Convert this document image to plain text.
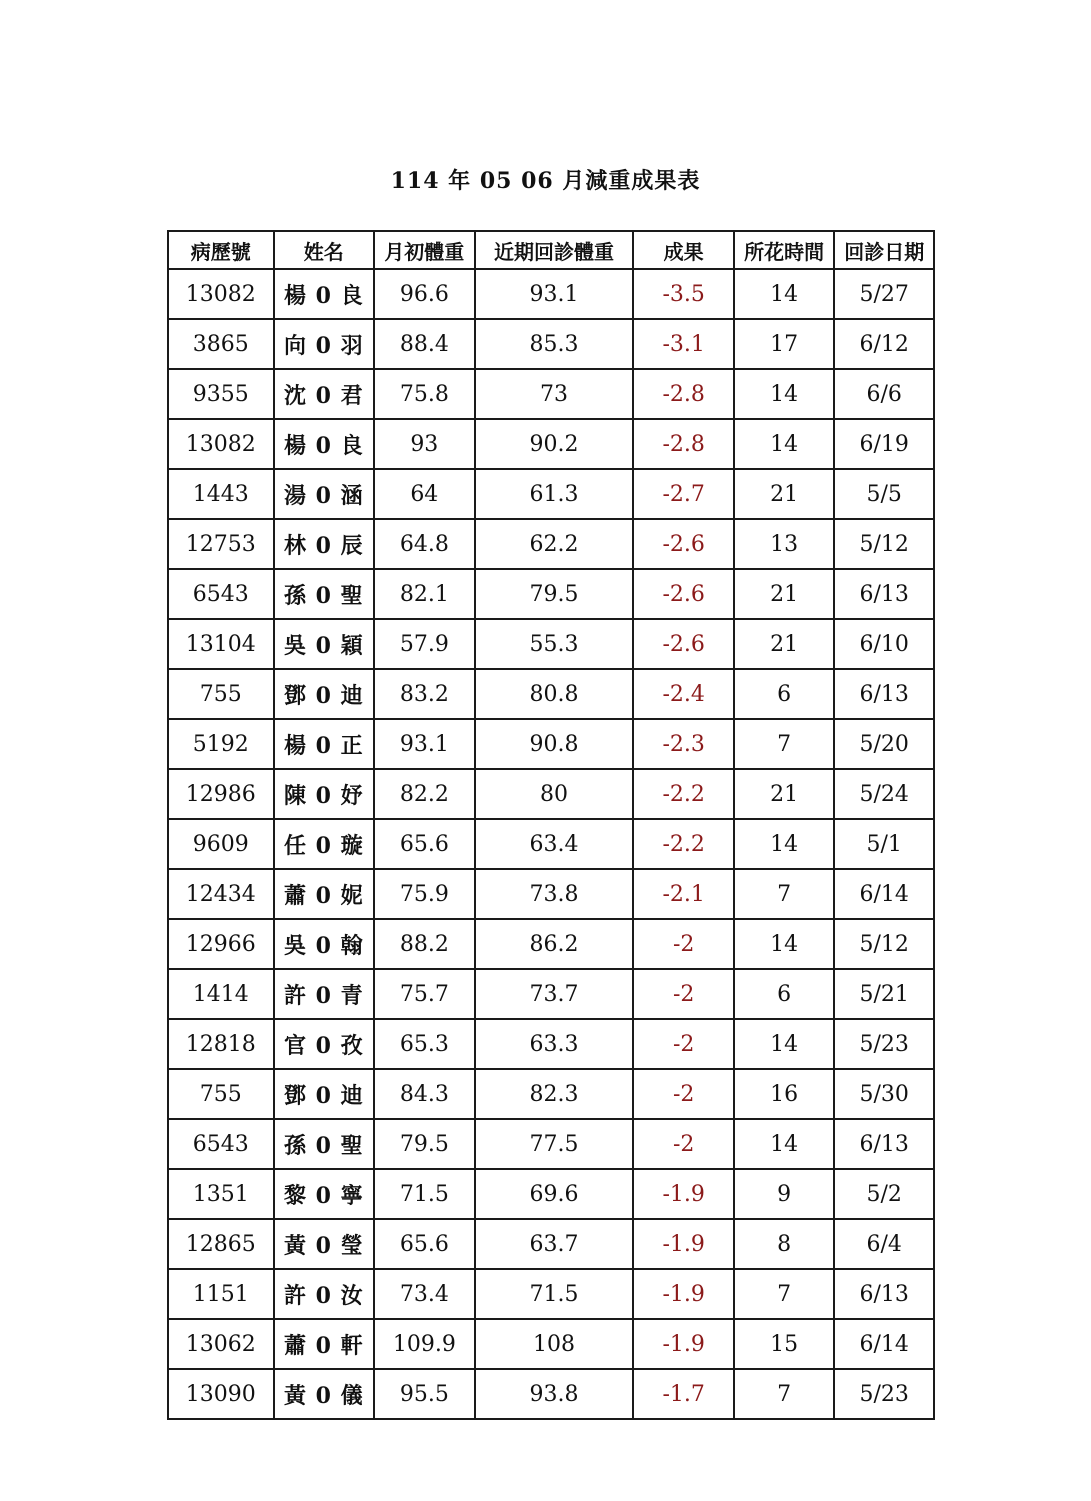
114 年 05 06 月減重成果表
病歷號	姓名	月初體重	近期回診體重	成果	所花時間	回診日期
13082	楊 0 良	96.6	93.1	-3.5	14	5/27
3865	向 0 羽	88.4	85.3	-3.1	17	6/12
9355	沈 0 君	75.8	73	-2.8	14	6/6
13082	楊 0 良	93	90.2	-2.8	14	6/19
1443	湯 0 涵	64	61.3	-2.7	21	5/5
12753	林 0 辰	64.8	62.2	-2.6	13	5/12
6543	孫 0 聖	82.1	79.5	-2.6	21	6/13
13104	吳 0 穎	57.9	55.3	-2.6	21	6/10
755	鄧 0 迪	83.2	80.8	-2.4	6	6/13
5192	楊 0 正	93.1	90.8	-2.3	7	5/20
12986	陳 0 妤	82.2	80	-2.2	21	5/24
9609	任 0 璇	65.6	63.4	-2.2	14	5/1
12434	蕭 0 妮	75.9	73.8	-2.1	7	6/14
12966	吳 0 翰	88.2	86.2	-2	14	5/12
1414	許 0 青	75.7	73.7	-2	6	5/21
12818	官 0 孜	65.3	63.3	-2	14	5/23
755	鄧 0 迪	84.3	82.3	-2	16	5/30
6543	孫 0 聖	79.5	77.5	-2	14	6/13
1351	黎 0 寧	71.5	69.6	-1.9	9	5/2
12865	黃 0 瑩	65.6	63.7	-1.9	8	6/4
1151	許 0 汝	73.4	71.5	-1.9	7	6/13
13062	蕭 0 軒	109.9	108	-1.9	15	6/14
13090	黃 0 儀	95.5	93.8	-1.7	7	5/23
